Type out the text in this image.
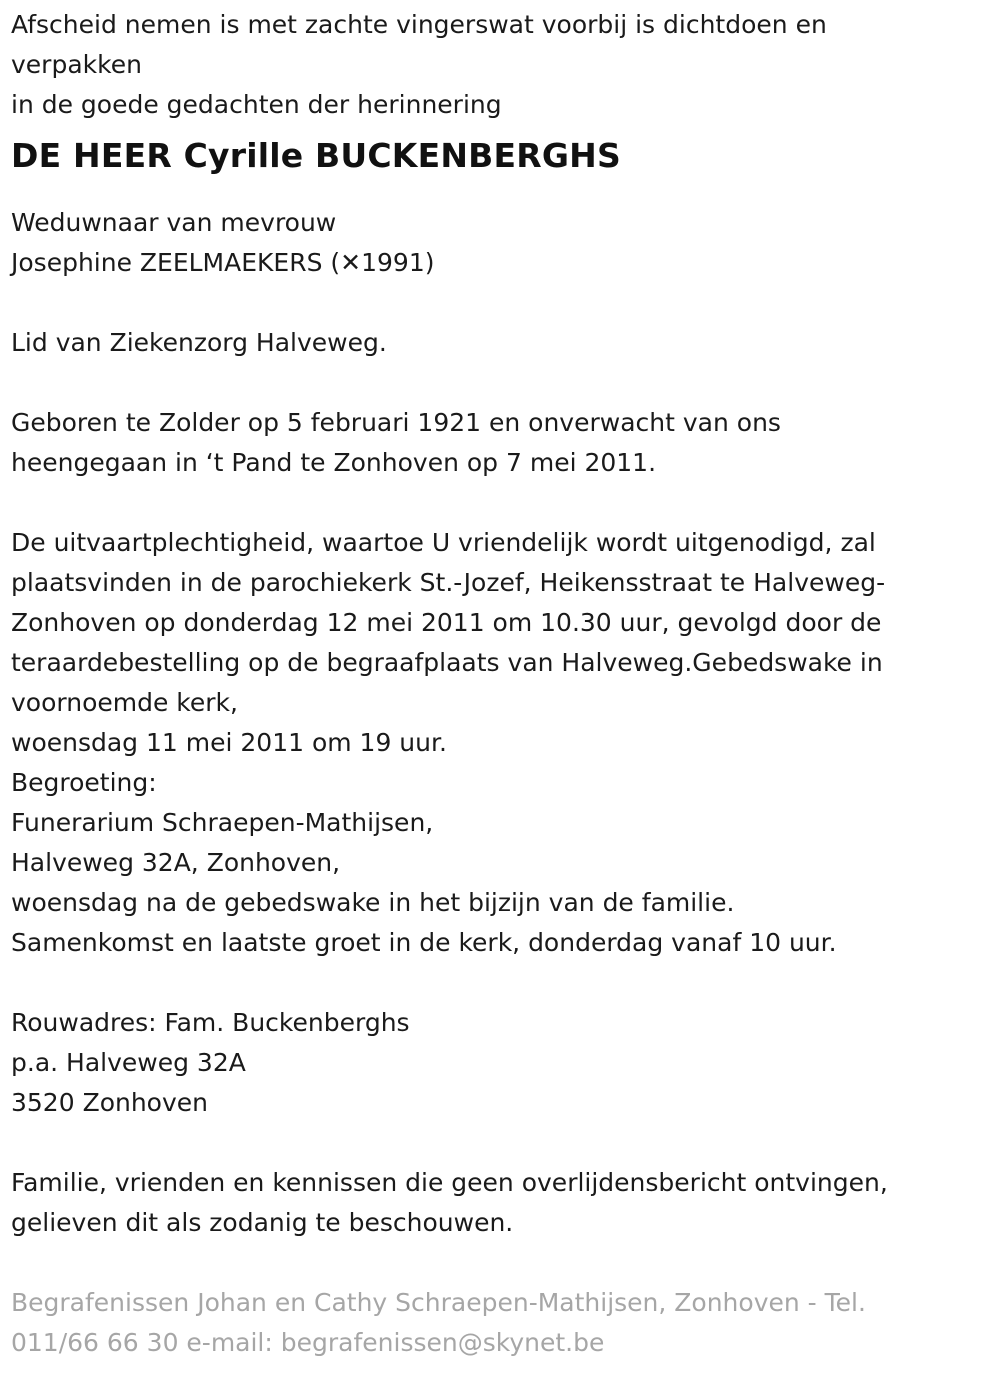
Afscheid nemen is met zachte vingerswat voorbij is dichtdoen en
verpakken
in de goede gedachten der herinnering

DE HEER Cyrille BUCKENBERGHS

Weduwnaar van mevrouw
Josephine ZEELMAEKERS (✕1991)

Lid van Ziekenzorg Halveweg.

Geboren te Zolder op 5 februari 1921 en onverwacht van ons
heengegaan in ‘t Pand te Zonhoven op 7 mei 2011.

De uitvaartplechtigheid, waartoe U vriendelijk wordt uitgenodigd, zal
plaatsvinden in de parochiekerk St.-Jozef, Heikensstraat te Halveweg-
Zonhoven op donderdag 12 mei 2011 om 10.30 uur, gevolgd door de
teraardebestelling op de begraafplaats van Halveweg.Gebedswake in
voornoemde kerk,
woensdag 11 mei 2011 om 19 uur.
Begroeting:
Funerarium Schraepen-Mathijsen,
Halveweg 32A, Zonhoven,
woensdag na de gebedswake in het bijzijn van de familie.
Samenkomst en laatste groet in de kerk, donderdag vanaf 10 uur.

Rouwadres: Fam. Buckenberghs
p.a. Halveweg 32A
3520 Zonhoven

Familie, vrienden en kennissen die geen overlijdensbericht ontvingen,
gelieven dit als zodanig te beschouwen.

Begrafenissen Johan en Cathy Schraepen-Mathijsen, Zonhoven - Tel.
011/66 66 30 e-mail: begrafenissen@skynet.be
